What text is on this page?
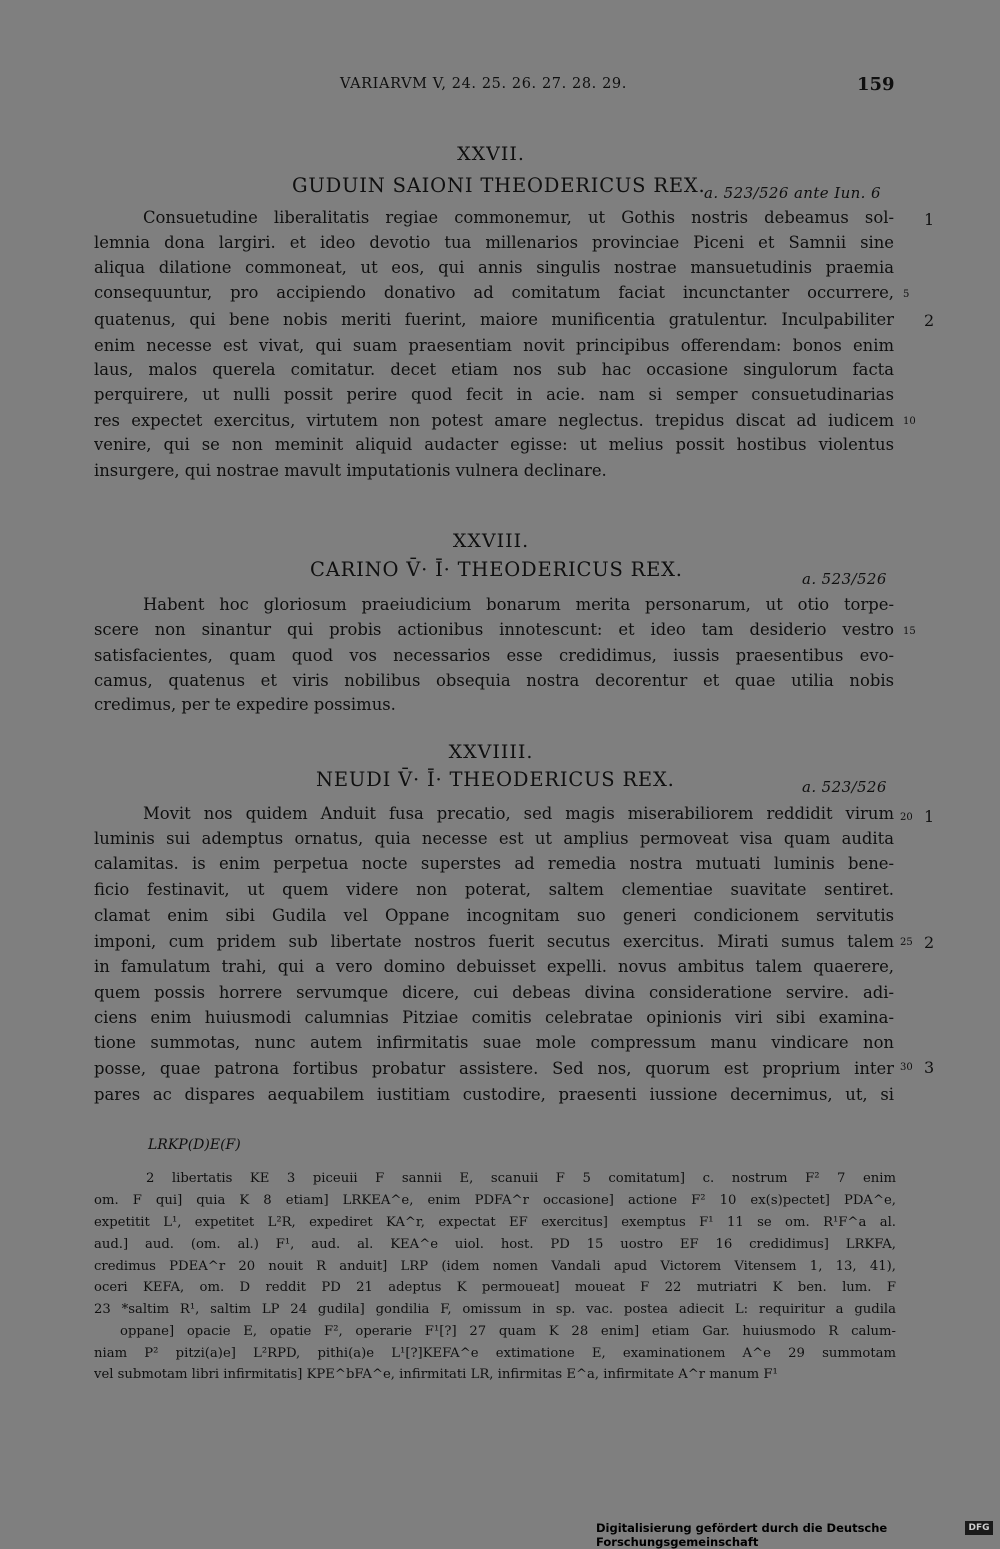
VARIARVM V, 24. 25. 26. 27. 28. 29.	159
XXVII.
GUDUIN SAIONI THEODERICUS REX.
a. 523/526 ante Iun. 6
Consuetudine liberalitatis regiae commonemur, ut Gothis nostris debeamus sol-
lemnia dona largiri. et ideo devotio tua millenarios provinciae Piceni et Samnii sine
aliqua dilatione commoneat, ut eos, qui annis singulis nostrae mansuetudinis praemia
consequuntur, pro accipiendo donativo ad comitatum faciat incunctanter occurrere,
quatenus, qui bene nobis meriti fuerint, maiore munificentia gratulentur. Inculpabiliter
enim necesse est vivat, qui suam praesentiam novit principibus offerendam: bonos enim
laus, malos querela comitatur. decet etiam nos sub hac occasione singulorum facta
perquirere, ut nulli possit perire quod fecit in acie. nam si semper consuetudinarias
res expectet exercitus, virtutem non potest amare neglectus. trepidus discat ad iudicem
venire, qui se non meminit aliquid audacter egisse: ut melius possit hostibus violentus
insurgere, qui nostrae mavult imputationis vulnera declinare.
1
5
2
10
XXVIII.
CARINO V̄· Ī· THEODERICUS REX.	a. 523/526
Habent hoc gloriosum praeiudicium bonarum merita personarum, ut otio torpe-
scere non sinantur qui probis actionibus innotescunt: et ideo tam desiderio vestro
satisfacientes, quam quod vos necessarios esse credidimus, iussis praesentibus evo-
camus, quatenus et viris nobilibus obsequia nostra decorentur et quae utilia nobis
credimus, per te expedire possimus.
15
XXVIIII.
NEUDI V̄· Ī· THEODERICUS REX.	a. 523/526
Movit nos quidem Anduit fusa precatio, sed magis miserabiliorem reddidit virum
luminis sui ademptus ornatus, quia necesse est ut amplius permoveat visa quam audita
calamitas. is enim perpetua nocte superstes ad remedia nostra mutuati luminis bene-
ficio festinavit, ut quem videre non poterat, saltem clementiae suavitate sentiret.
clamat enim sibi Gudila vel Oppane incognitam suo generi condicionem servitutis
imponi, cum pridem sub libertate nostros fuerit secutus exercitus. Mirati sumus talem
in famulatum trahi, qui a vero domino debuisset expelli. novus ambitus talem quaerere,
quem possis horrere servumque dicere, cui debeas divina consideratione servire. adi-
ciens enim huiusmodi calumnias Pitziae comitis celebratae opinionis viri sibi examina-
tione summotas, nunc autem infirmitatis suae mole compressum manu vindicare non
posse, quae patrona fortibus probatur assistere. Sed nos, quorum est proprium inter
pares ac dispares aequabilem iustitiam custodire, praesenti iussione decernimus, ut, si
20 1
25 2
30 3
LRKP(D)E(F)
2 libertatis KE 3 piceuii F sannii E, scanuii F 5 comitatum] c. nostrum F² 7 enim
om. F qui] quia K 8 etiam] LRKEA^e, enim PDFA^r occasione] actione F² 10 ex(s)pectet] PDA^e,
expetitit L¹, expetitet L²R, expediret KA^r, expectat EF exercitus] exemptus F¹ 11 se om. R¹F^a al.
aud.] aud. (om. al.) F¹, aud. al. KEA^e uiol. host. PD 15 uostro EF 16 credidimus] LRKFA,
credimus PDEA^r 20 nouit R anduit] LRP (idem nomen Vandali apud Victorem Vitensem 1, 13, 41),
oceri KEFA, om. D reddit PD 21 adeptus K permoueat] moueat F 22 mutriatri K ben. lum. F
23 *saltim R¹, saltim LP 24 gudila] gondilia F, omissum in sp. vac. postea adiecit L: requiritur a gudila
oppane] opacie E, opatie F², operarie F¹[?] 27 quam K 28 enim] etiam Gar. huiusmodo R calum-
niam P² pitzi(a)e] L²RPD, pithi(a)e L¹[?]KEFA^e extimatione E, examinationem A^e 29 summotam
vel submotam libri infirmitatis] KPE^bFA^e, infirmitati LR, infirmitas E^a, infirmitate A^r manum F¹
Digitalisierung gefördert durch die Deutsche Forschungsgemeinschaft
DFG
